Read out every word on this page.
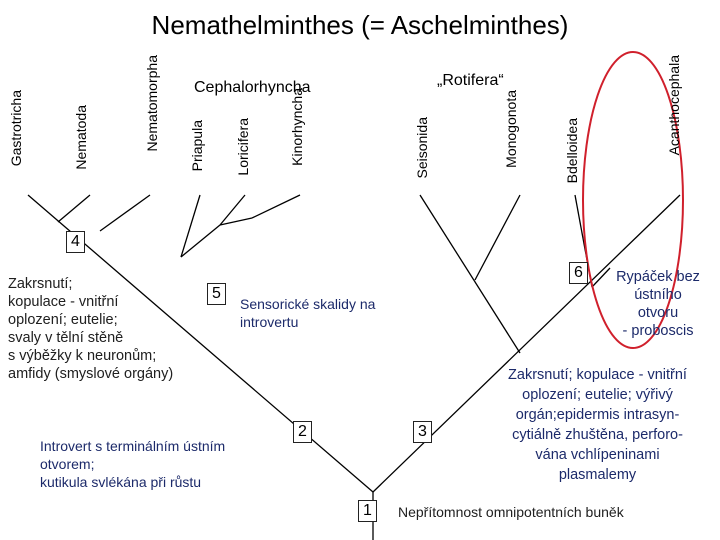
Nemathelminthes (= Aschelminthes)
Cephalorhyncha	„Rotifera“
Gastrotricha	Nematoda	Nematomorpha Priapula Loricifera	Kinorhyncha	Seisonida	Monogonota	Bdelloidea	Acanthocephala
4
5
6
2	3
1
Zakrsnutí;
kopulace - vnitřní
oplození; eutelie;
svaly v tělní stěně
s výběžky k neuronům;
amfidy (smyslové orgány)
Sensorické skalidy na
introvertu
Introvert s terminálním ústním
otvorem;
kutikula svlékána při růstu
Rypáček bez
ústního
otvoru
- proboscis
Zakrsnutí; kopulace - vnitřní
oplození; eutelie; výřivý
orgán;epidermis intrasyn-
cytiálně zhuštěna, perforo-
vána vchlípeninami
plasmalemy
Nepřítomnost omnipotentních buněk
